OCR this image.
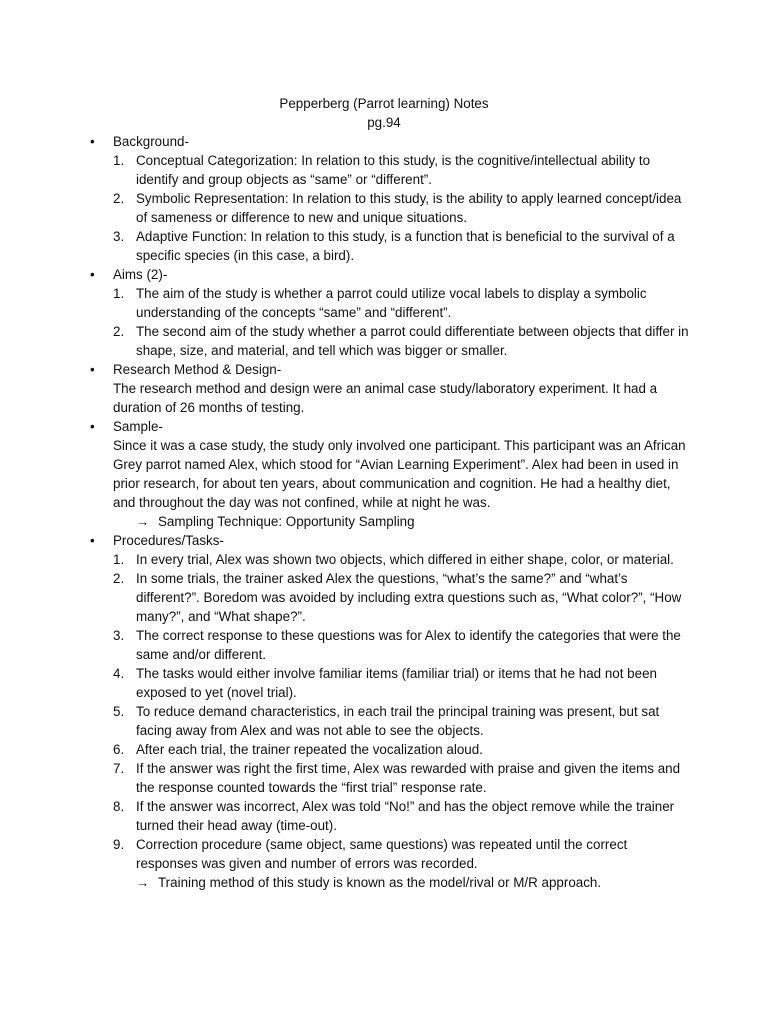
Pepperberg (Parrot learning) Notes
pg.94
• Background-
1. Conceptual Categorization: In relation to this study, is the cognitive/intellectual ability to identify and group objects as “same” or “different”.
2. Symbolic Representation: In relation to this study, is the ability to apply learned concept/idea of sameness or difference to new and unique situations.
3. Adaptive Function: In relation to this study, is a function that is beneficial to the survival of a specific species (in this case, a bird).
• Aims (2)-
1. The aim of the study is whether a parrot could utilize vocal labels to display a symbolic understanding of the concepts “same” and “different”.
2. The second aim of the study whether a parrot could differentiate between objects that differ in shape, size, and material, and tell which was bigger or smaller.
• Research Method & Design-
The research method and design were an animal case study/laboratory experiment. It had a duration of 26 months of testing.
• Sample-
Since it was a case study, the study only involved one participant. This participant was an African Grey parrot named Alex, which stood for “Avian Learning Experiment”. Alex had been in used in prior research, for about ten years, about communication and cognition. He had a healthy diet, and throughout the day was not confined, while at night he was.
→ Sampling Technique: Opportunity Sampling
• Procedures/Tasks-
1. In every trial, Alex was shown two objects, which differed in either shape, color, or material.
2. In some trials, the trainer asked Alex the questions, “what’s the same?” and “what’s different?”. Boredom was avoided by including extra questions such as, “What color?”, “How many?”, and “What shape?”.
3. The correct response to these questions was for Alex to identify the categories that were the same and/or different.
4. The tasks would either involve familiar items (familiar trial) or items that he had not been exposed to yet (novel trial).
5. To reduce demand characteristics, in each trail the principal training was present, but sat facing away from Alex and was not able to see the objects.
6. After each trial, the trainer repeated the vocalization aloud.
7. If the answer was right the first time, Alex was rewarded with praise and given the items and the response counted towards the “first trial” response rate.
8. If the answer was incorrect, Alex was told “No!” and has the object remove while the trainer turned their head away (time-out).
9. Correction procedure (same object, same questions) was repeated until the correct responses was given and number of errors was recorded.
→ Training method of this study is known as the model/rival or M/R approach.
